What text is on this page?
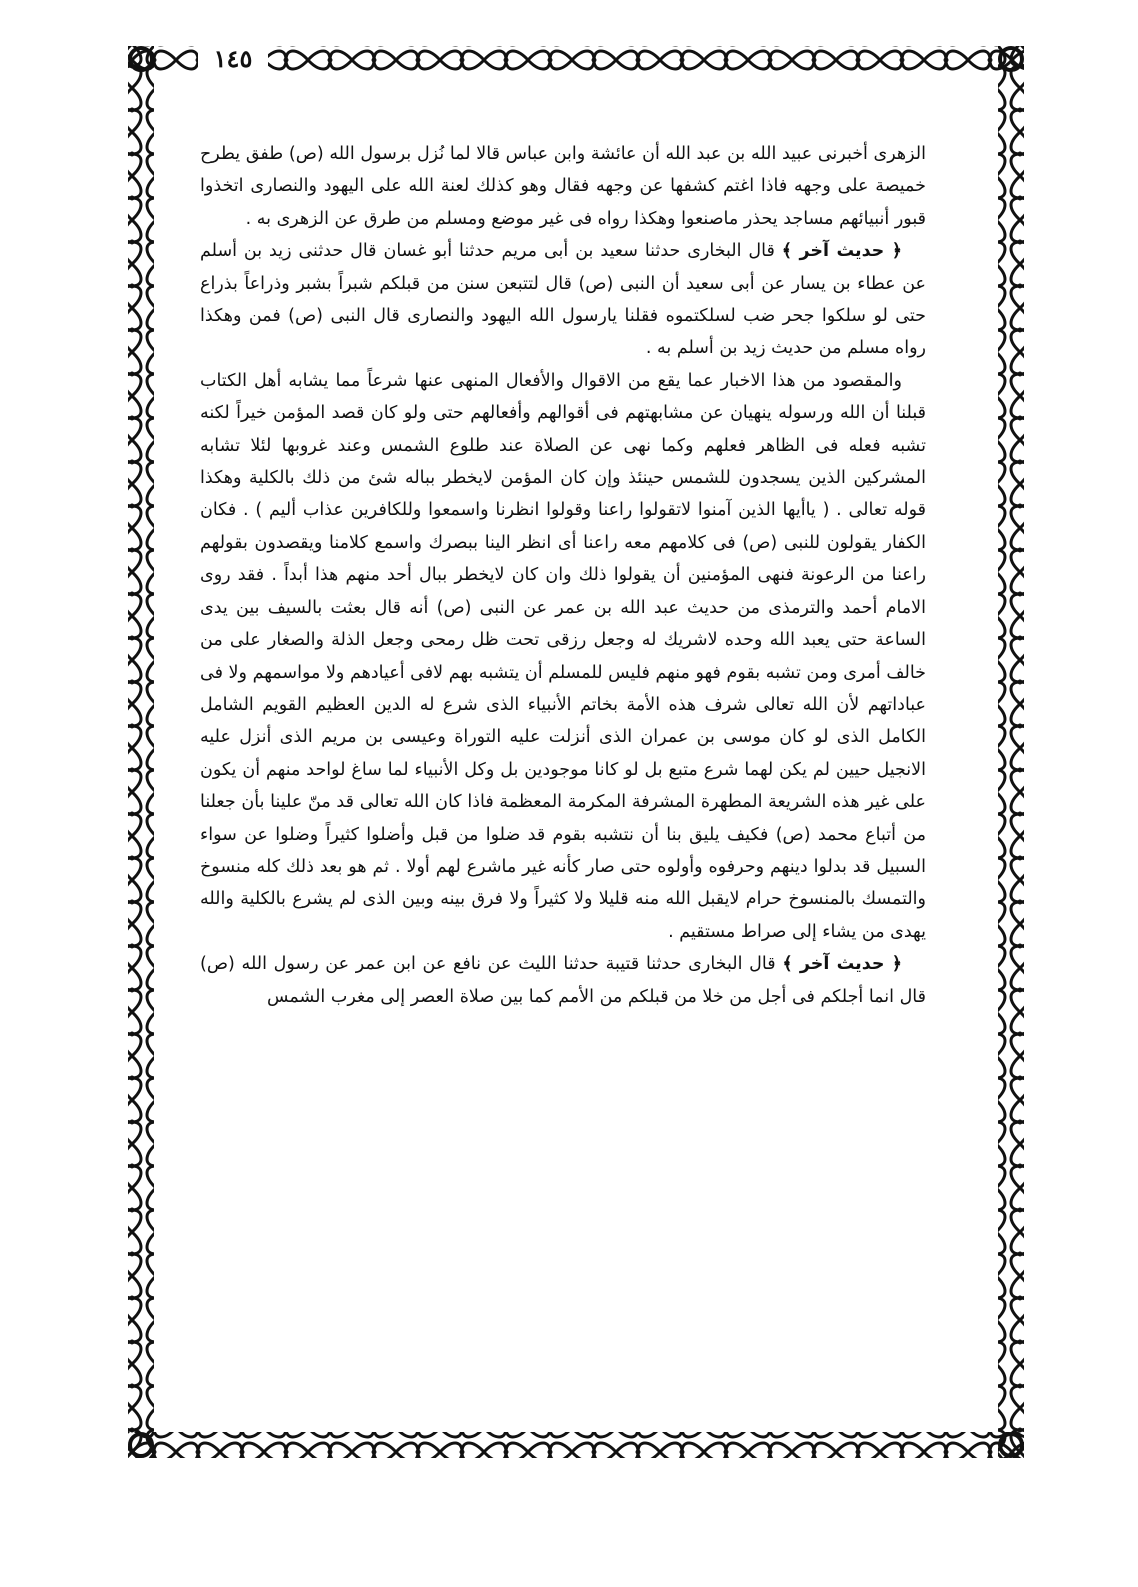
١٤٥

الزهرى أخبرنى عبيد الله بن عبد الله أن عائشة وابن عباس قالا لما نُزل برسول الله (ص) طفق يطرح خميصة على وجهه فاذا اغتم كشفها عن وجهه فقال وهو كذلك لعنة الله على اليهود والنصارى اتخذوا قبور أنبيائهم مساجد يحذر ماصنعوا وهكذا رواه فى غير موضع ومسلم من طرق عن الزهرى به .

﴿ حديث آخر ﴾ قال البخارى حدثنا سعيد بن أبى مريم حدثنا أبو غسان قال حدثنى زيد بن أسلم عن عطاء بن يسار عن أبى سعيد أن النبى (ص) قال لتتبعن سنن من قبلكم شبراً بشبر وذراعاً بذراع حتى لو سلكوا جحر ضب لسلكتموه فقلنا يارسول الله اليهود والنصارى قال النبى (ص) فمن وهكذا رواه مسلم من حديث زيد بن أسلم به .

والمقصود من هذا الاخبار عما يقع من الاقوال والأفعال المنهى عنها شرعاً مما يشابه أهل الكتاب قبلنا أن الله ورسوله ينهيان عن مشابهتهم فى أقوالهم وأفعالهم حتى ولو كان قصد المؤمن خيراً لكنه تشبه فعله فى الظاهر فعلهم وكما نهى عن الصلاة عند طلوع الشمس وعند غروبها لئلا تشابه المشركين الذين يسجدون للشمس حينئذ وإن كان المؤمن لايخطر بباله شئ من ذلك بالكلية وهكذا قوله تعالى . ( ياأيها الذين آمنوا لاتقولوا راعنا وقولوا انظرنا واسمعوا وللكافرين عذاب أليم ) . فكان الكفار يقولون للنبى (ص) فى كلامهم معه راعنا أى انظر الينا ببصرك واسمع كلامنا ويقصدون بقولهم راعنا من الرعونة فنهى المؤمنين أن يقولوا ذلك وان كان لايخطر ببال أحد منهم هذا أبداً . فقد روى الامام أحمد والترمذى من حديث عبد الله بن عمر عن النبى (ص) أنه قال بعثت بالسيف بين يدى الساعة حتى يعبد الله وحده لاشريك له وجعل رزقى تحت ظل رمحى وجعل الذلة والصغار على من خالف أمرى ومن تشبه بقوم فهو منهم فليس للمسلم أن يتشبه بهم لافى أعيادهم ولا مواسمهم ولا فى عباداتهم لأن الله تعالى شرف هذه الأمة بخاتم الأنبياء الذى شرع له الدين العظيم القويم الشامل الكامل الذى لو كان موسى بن عمران الذى أنزلت عليه التوراة وعيسى بن مريم الذى أنزل عليه الانجيل حيين لم يكن لهما شرع متبع بل لو كانا موجودين بل وكل الأنبياء لما ساغ لواحد منهم أن يكون على غير هذه الشريعة المطهرة المشرفة المكرمة المعظمة فاذا كان الله تعالى قد منّ علينا بأن جعلنا من أتباع محمد (ص) فكيف يليق بنا أن نتشبه بقوم قد ضلوا من قبل وأضلوا كثيراً وضلوا عن سواء السبيل قد بدلوا دينهم وحرفوه وأولوه حتى صار كأنه غير ماشرع لهم أولا . ثم هو بعد ذلك كله منسوخ والتمسك بالمنسوخ حرام لايقبل الله منه قليلا ولا كثيراً ولا فرق بينه وبين الذى لم يشرع بالكلية والله يهدى من يشاء إلى صراط مستقيم .

﴿ حديث آخر ﴾ قال البخارى حدثنا قتيبة حدثنا الليث عن نافع عن ابن عمر عن رسول الله (ص) قال انما أجلكم فى أجل من خلا من قبلكم من الأمم كما بين صلاة العصر إلى مغرب الشمس
